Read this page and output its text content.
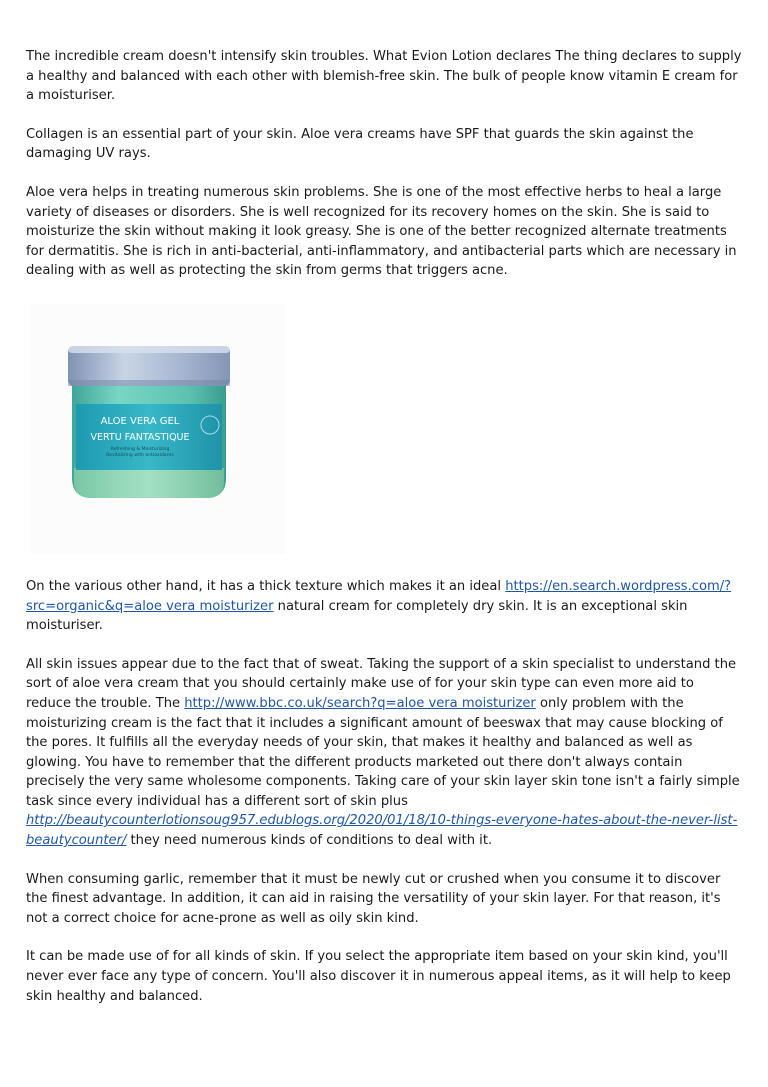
The incredible cream doesn't intensify skin troubles. What Evion Lotion declares The thing declares to supply a healthy and balanced with each other with blemish-free skin. The bulk of people know vitamin E cream for a moisturiser.

Collagen is an essential part of your skin. Aloe vera creams have SPF that guards the skin against the damaging UV rays.

Aloe vera helps in treating numerous skin problems. She is one of the most effective herbs to heal a large variety of diseases or disorders. She is well recognized for its recovery homes on the skin. She is said to moisturize the skin without making it look greasy. She is one of the better recognized alternate treatments for dermatitis. She is rich in anti-bacterial, anti-inflammatory, and antibacterial parts which are necessary in dealing with as well as protecting the skin from germs that triggers acne.

ALOE VERA GEL
VERTU FANTASTIQUE
Refreshing & Moisturizing
Revitalizing with antioxidants

On the various other hand, it has a thick texture which makes it an ideal https://en.search.wordpress.com/?src=organic&q=aloe vera moisturizer natural cream for completely dry skin. It is an exceptional skin moisturiser.

All skin issues appear due to the fact that of sweat. Taking the support of a skin specialist to understand the sort of aloe vera cream that you should certainly make use of for your skin type can even more aid to reduce the trouble. The http://www.bbc.co.uk/search?q=aloe vera moisturizer only problem with the moisturizing cream is the fact that it includes a significant amount of beeswax that may cause blocking of the pores. It fulfills all the everyday needs of your skin, that makes it healthy and balanced as well as glowing. You have to remember that the different products marketed out there don't always contain precisely the very same wholesome components. Taking care of your skin layer skin tone isn't a fairly simple task since every individual has a different sort of skin plus http://beautycounterlotionsoug957.edublogs.org/2020/01/18/10-things-everyone-hates-about-the-never-list-beautycounter/ they need numerous kinds of conditions to deal with it.

When consuming garlic, remember that it must be newly cut or crushed when you consume it to discover the finest advantage. In addition, it can aid in raising the versatility of your skin layer. For that reason, it's not a correct choice for acne-prone as well as oily skin kind.

It can be made use of for all kinds of skin. If you select the appropriate item based on your skin kind, you'll never ever face any type of concern. You'll also discover it in numerous appeal items, as it will help to keep skin healthy and balanced.
